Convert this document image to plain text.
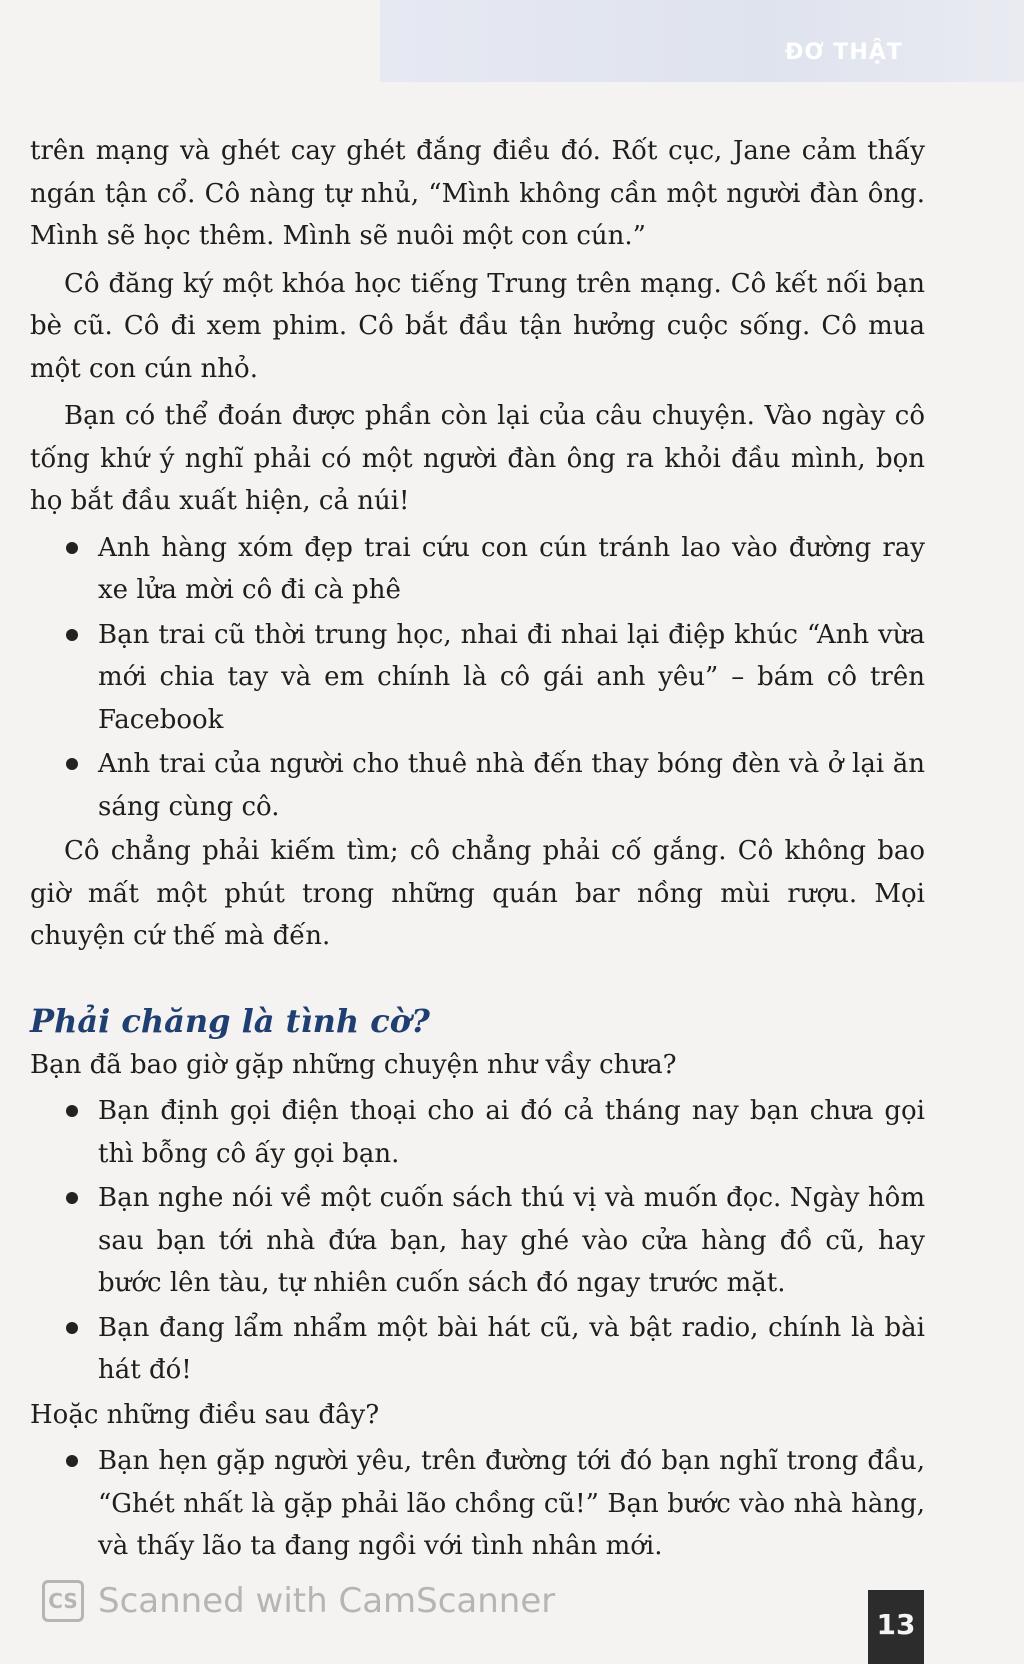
ĐƠ THẬT

trên mạng và ghét cay ghét đắng điều đó. Rốt cục, Jane cảm thấy ngán tận cổ. Cô nàng tự nhủ, “Mình không cần một người đàn ông. Mình sẽ học thêm. Mình sẽ nuôi một con cún.”

Cô đăng ký một khóa học tiếng Trung trên mạng. Cô kết nối bạn bè cũ. Cô đi xem phim. Cô bắt đầu tận hưởng cuộc sống. Cô mua một con cún nhỏ.

Bạn có thể đoán được phần còn lại của câu chuyện. Vào ngày cô tống khứ ý nghĩ phải có một người đàn ông ra khỏi đầu mình, bọn họ bắt đầu xuất hiện, cả núi!

Anh hàng xóm đẹp trai cứu con cún tránh lao vào đường ray xe lửa mời cô đi cà phê
Bạn trai cũ thời trung học, nhai đi nhai lại điệp khúc “Anh vừa mới chia tay và em chính là cô gái anh yêu” – bám cô trên Facebook
Anh trai của người cho thuê nhà đến thay bóng đèn và ở lại ăn sáng cùng cô.

Cô chẳng phải kiếm tìm; cô chẳng phải cố gắng. Cô không bao giờ mất một phút trong những quán bar nồng mùi rượu. Mọi chuyện cứ thế mà đến.

Phải chăng là tình cờ?

Bạn đã bao giờ gặp những chuyện như vầy chưa?

Bạn định gọi điện thoại cho ai đó cả tháng nay bạn chưa gọi thì bỗng cô ấy gọi bạn.
Bạn nghe nói về một cuốn sách thú vị và muốn đọc. Ngày hôm sau bạn tới nhà đứa bạn, hay ghé vào cửa hàng đồ cũ, hay bước lên tàu, tự nhiên cuốn sách đó ngay trước mặt.
Bạn đang lẩm nhẩm một bài hát cũ, và bật radio, chính là bài hát đó!

Hoặc những điều sau đây?

Bạn hẹn gặp người yêu, trên đường tới đó bạn nghĩ trong đầu, “Ghét nhất là gặp phải lão chồng cũ!” Bạn bước vào nhà hàng, và thấy lão ta đang ngồi với tình nhân mới.
CS Scanned with CamScanner
13
